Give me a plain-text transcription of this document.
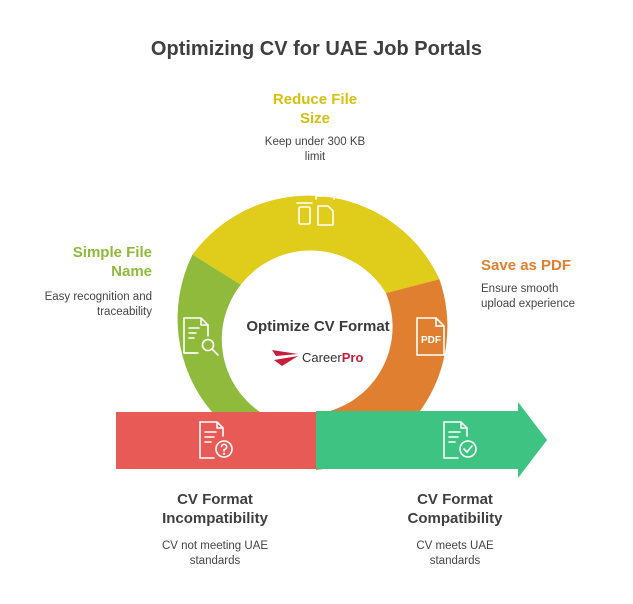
Optimizing CV for UAE Job Portals
PDF
Optimize CV Format
CareerPro
Reduce File
Size
Keep under 300 KB
limit
Simple File
Name
Easy recognition and
traceability
Save as PDF
Ensure smooth
upload experience
CV Format
Incompatibility
CV not meeting UAE
standards
CV Format
Compatibility
CV meets UAE
standards
